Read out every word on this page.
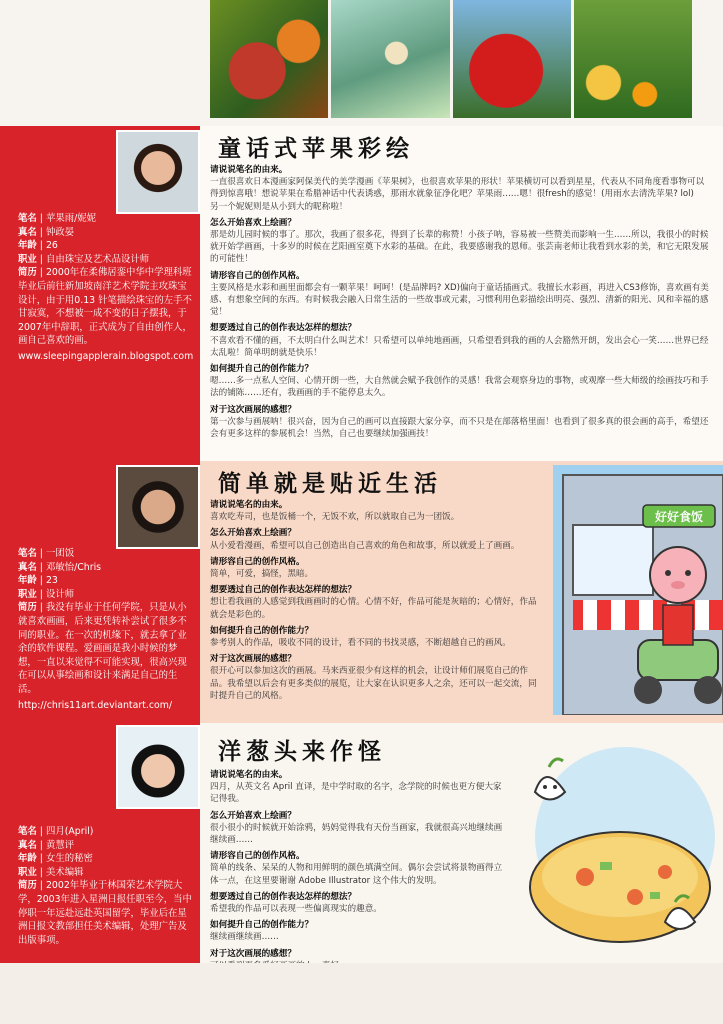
笔名 | 苹果雨/妮妮
真名 | 钟政晏
年龄 | 26
职业 | 自由珠宝及艺术品设计师
简历 | 2000年在柔佛居銮中华中学理科班毕业后前往新加坡南洋艺术学院主攻珠宝设计，由于用0.13 针笔描绘珠宝的左手不甘寂寞，不想被一成不变的日子摆我，于2007年中辞职，正式成为了自由创作人，画自己喜欢的画。
www.sleepingapplerain.blogspot.com
童话式苹果彩绘
请说说笔名的由来。
一直很喜欢日本漫画家阿保美代的美学漫画《苹果树》，也很喜欢苹果的形状！苹果横切可以看到星星，代表从不同角度看事物可以得到惊喜哦！想说苹果在希腊神话中代表诱惑，那雨水就象征净化吧？苹果雨……嗯！很fresh的感觉！(用雨水去清洗苹果? lol)
另一个妮妮则是从小到大的昵称啦！
怎么开始喜欢上绘画？
那是幼儿园时候的事了。那次，我画了很多花，得到了长辈的称赞！小孩子呐，容易被一些赞美而影响一生……所以，我很小的时候就开始学画画，十多岁的时候在艺阳画室奠下水彩的基础。在此，我要感谢我的恩师。张芸南老师让我看到水彩的美，和它无限发展的可能性！
请形容自己的创作风格。
主要风格是水彩和画里面都会有一颗苹果！呵呵！(是品牌吗? XD)偏向于童话插画式。我擅长水彩画，再进入CS3修饰，喜欢画有美感、有想象空间的东西。有时候我会融入日常生活的一些故事或元素，习惯利用色彩描绘出明亮、强烈、清新的阳光、风和幸福的感觉！
想要透过自己的创作表达怎样的想法？
不喜欢看不懂的画，不太明白什么叫艺术！只希望可以单纯地画画，只希望看到我的画的人会豁然开朗，发出会心一笑……世界已经太乱啦！简单明朗就是快乐！
如何提升自己的创作能力？
嗯……多一点私人空间、心情开朗一些，大自然就会赋予我创作的灵感！我常会观察身边的事物，或观摩一些大师级的绘画技巧和手法的铺陈……还有，我画画的手不能停息太久。
对于这次画展的感想？
第一次参与画展呐！很兴奋，因为自己的画可以直接跟大家分享，而不只是在部落格里面！也看到了很多真的很会画的高手，希望还会有更多这样的参展机会！当然，自己也要继续加强画技！
笔名 | 一团饭
真名 | 邓敏怡/Chris
年龄 | 23
职业 | 设计师
简历 | 我没有毕业于任何学院，只是从小就喜欢画画，后来更凭转补尝试了很多不同的职业。在一次的机缘下，就去拿了业余的软件课程。爱画画是我小时候的梦想，一直以来觉得不可能实现，很高兴现在可以从事绘画和设计来满足自己的生活。
http://chris11art.deviantart.com/
简单就是贴近生活
请说说笔名的由来。
喜欢吃寿司，也是饭桶一个，无饭不欢，所以就取自己为一团饭。
怎么开始喜欢上绘画？
从小爱看漫画，希望可以自己创造出自己喜欢的角色和故事，所以就爱上了画画。
请形容自己的创作风格。
简单，可爱，搞怪，黑暗。
想要透过自己的创作表达怎样的想法？
想让看我画的人感觉到我画画时的心情。心情不好，作品可能是灰暗的；心情好，作品就会是彩色的。
如何提升自己的创作能力？
参考别人的作品，吸收不同的设计，看不同的书找灵感，不断超越自己的画风。
对于这次画展的感想？
很开心可以参加这次的画展。马来西亚很少有这样的机会，让设计师们展览自己的作品。我希望以后会有更多类似的展览，让大家在认识更多人之余，还可以一起交流，同时提升自己的风格。
好好食饭
笔名 | 四月(April)
真名 | 黄慧评
年龄 | 女生的秘密
职业 | 美术编辑
简历 | 2002年毕业于林国荣艺术学院大学，2003年进入星洲日报任职至今，当中停职一年远赴远赴英国留学，毕业后在星洲日报文教部担任美术编辑，处理广告及出版事项。
洋葱头来作怪
请说说笔名的由来。
四月，从英文名 April 直译，是中学时取的名字，念学院的时候也更方便大家记得我。
怎么开始喜欢上绘画？
很小很小的时候就开始涂鸦，妈妈觉得我有天份当画家，我就很高兴地继续画继续画……
请形容自己的创作风格。
简单的线条、呆呆的人物和用鲜明的颜色填满空间。偶尔会尝试将景物画得立体一点，在这里要谢谢 Adobe Illustrator 这个伟大的发明。
想要透过自己的创作表达怎样的想法？
希望我的作品可以表现一些偏离现实的趣意。
如何提升自己的创作能力？
继续画继续画……
对于这次画展的感想？
